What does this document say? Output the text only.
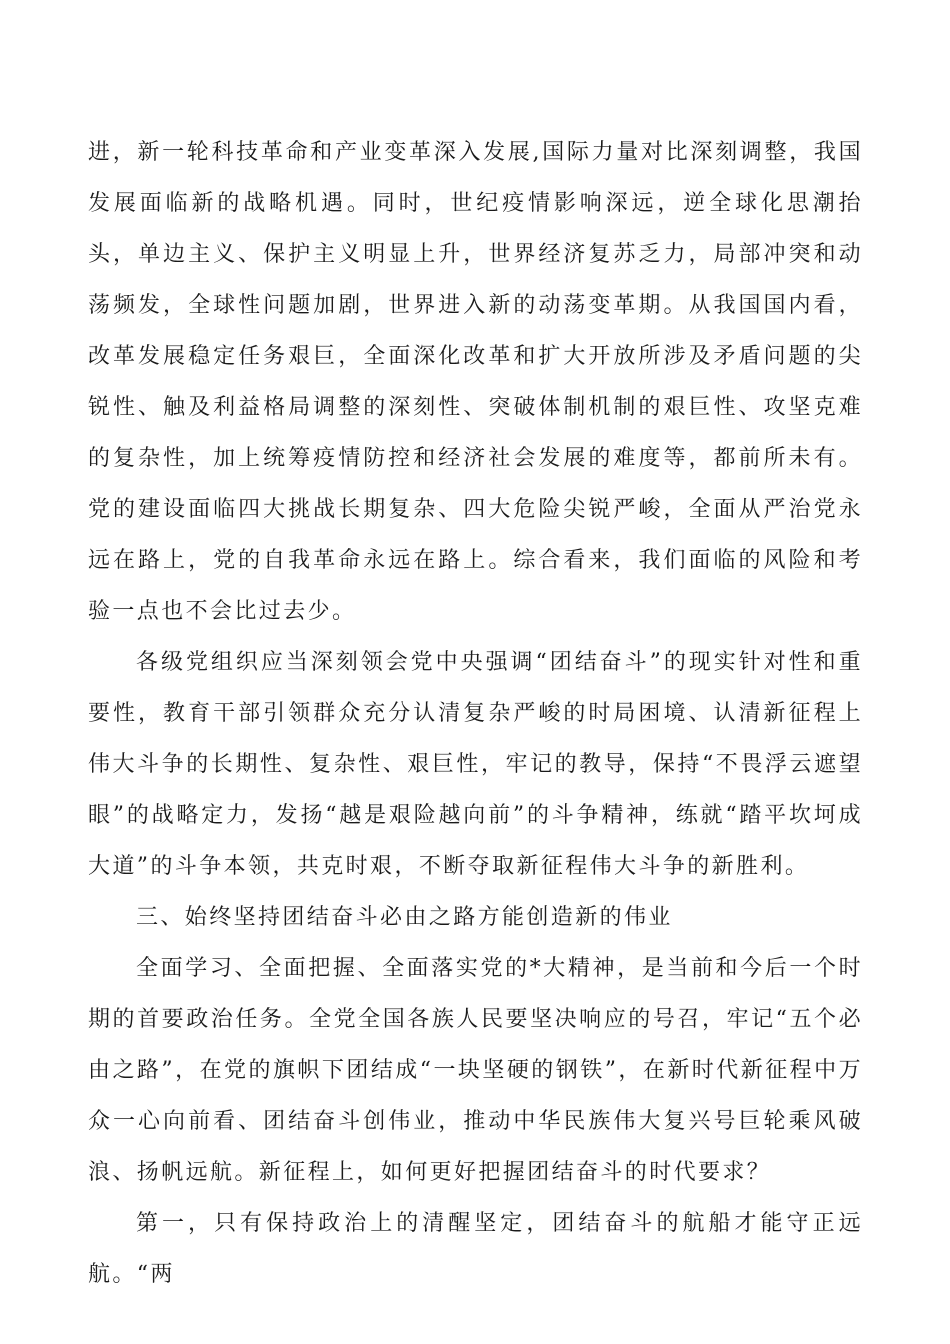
进，新一轮科技革命和产业变革深入发展,国际力量对比深刻调整，我国发展面临新的战略机遇。同时，世纪疫情影响深远，逆全球化思潮抬头，单边主义、保护主义明显上升，世界经济复苏乏力，局部冲突和动荡频发，全球性问题加剧，世界进入新的动荡变革期。从我国国内看，改革发展稳定任务艰巨，全面深化改革和扩大开放所涉及矛盾问题的尖锐性、触及利益格局调整的深刻性、突破体制机制的艰巨性、攻坚克难的复杂性，加上统筹疫情防控和经济社会发展的难度等，都前所未有。党的建设面临四大挑战长期复杂、四大危险尖锐严峻，全面从严治党永远在路上，党的自我革命永远在路上。综合看来，我们面临的风险和考验一点也不会比过去少。

各级党组织应当深刻领会党中央强调“团结奋斗”的现实针对性和重要性，教育干部引领群众充分认清复杂严峻的时局困境、认清新征程上伟大斗争的长期性、复杂性、艰巨性，牢记的教导，保持“不畏浮云遮望眼”的战略定力，发扬“越是艰险越向前”的斗争精神，练就“踏平坎坷成大道”的斗争本领，共克时艰，不断夺取新征程伟大斗争的新胜利。

三、始终坚持团结奋斗必由之路方能创造新的伟业

全面学习、全面把握、全面落实党的*大精神，是当前和今后一个时期的首要政治任务。全党全国各族人民要坚决响应的号召，牢记“五个必由之路”，在党的旗帜下团结成“一块坚硬的钢铁”，在新时代新征程中万众一心向前看、团结奋斗创伟业，推动中华民族伟大复兴号巨轮乘风破浪、扬帆远航。新征程上，如何更好把握团结奋斗的时代要求？

第一，只有保持政治上的清醒坚定，团结奋斗的航船才能守正远航。“两
